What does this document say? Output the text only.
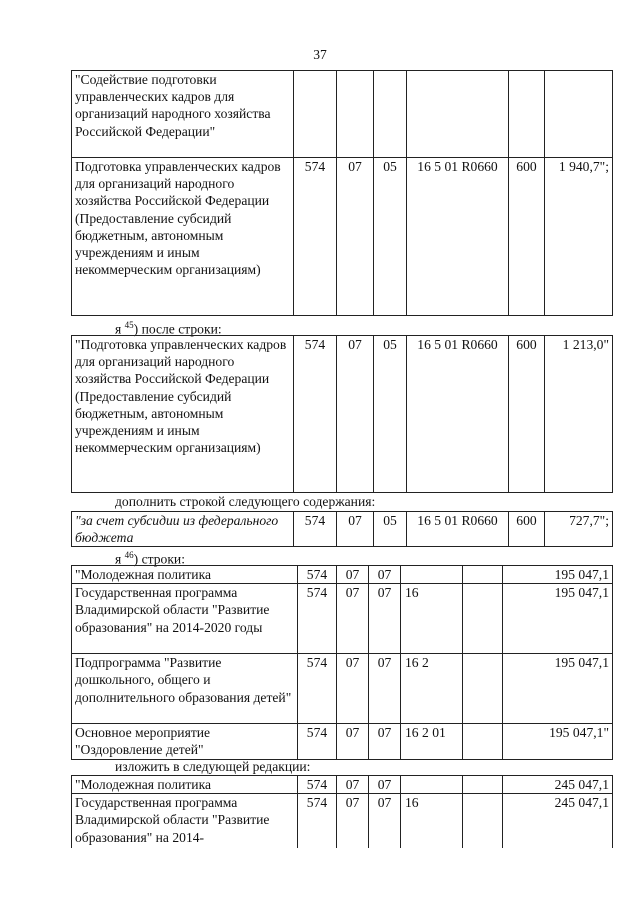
37
"Содействие подготовки управленческих кадров для организаций народного хозяйства Российской Федерации"						
Подготовка управленческих кадров для организаций народного хозяйства Российской Федерации (Предоставление субсидий бюджетным, автономным учреждениям и иным некоммерческим организациям)	574	07	05	16 5 01 R0660	600	1 940,7";
я $^{45}$) после строки:
"Подготовка управленческих кадров для организаций народного хозяйства Российской Федерации (Предоставление субсидий бюджетным, автономным учреждениям и иным некоммерческим организациям)	574	07	05	16 5 01 R0660	600	1 213,0"
дополнить строкой следующего содержания:
"за счет субсидии из федерального бюджета	574	07	05	16 5 01 R0660	600	727,7";
я $^{46}$) строки:
"Молодежная политика	574	07	07			195 047,1
Государственная программа Владимирской области "Развитие образования" на 2014-2020 годы	574	07	07	16		195 047,1
Подпрограмма "Развитие дошкольного, общего и дополнительного образования детей"	574	07	07	16 2		195 047,1
Основное мероприятие "Оздоровление детей"	574	07	07	16 2 01		195 047,1"
изложить в следующей редакции:
"Молодежная политика	574	07	07			245 047,1
Государственная программа Владимирской области "Развитие образования" на 2014-	574	07	07	16		245 047,1
